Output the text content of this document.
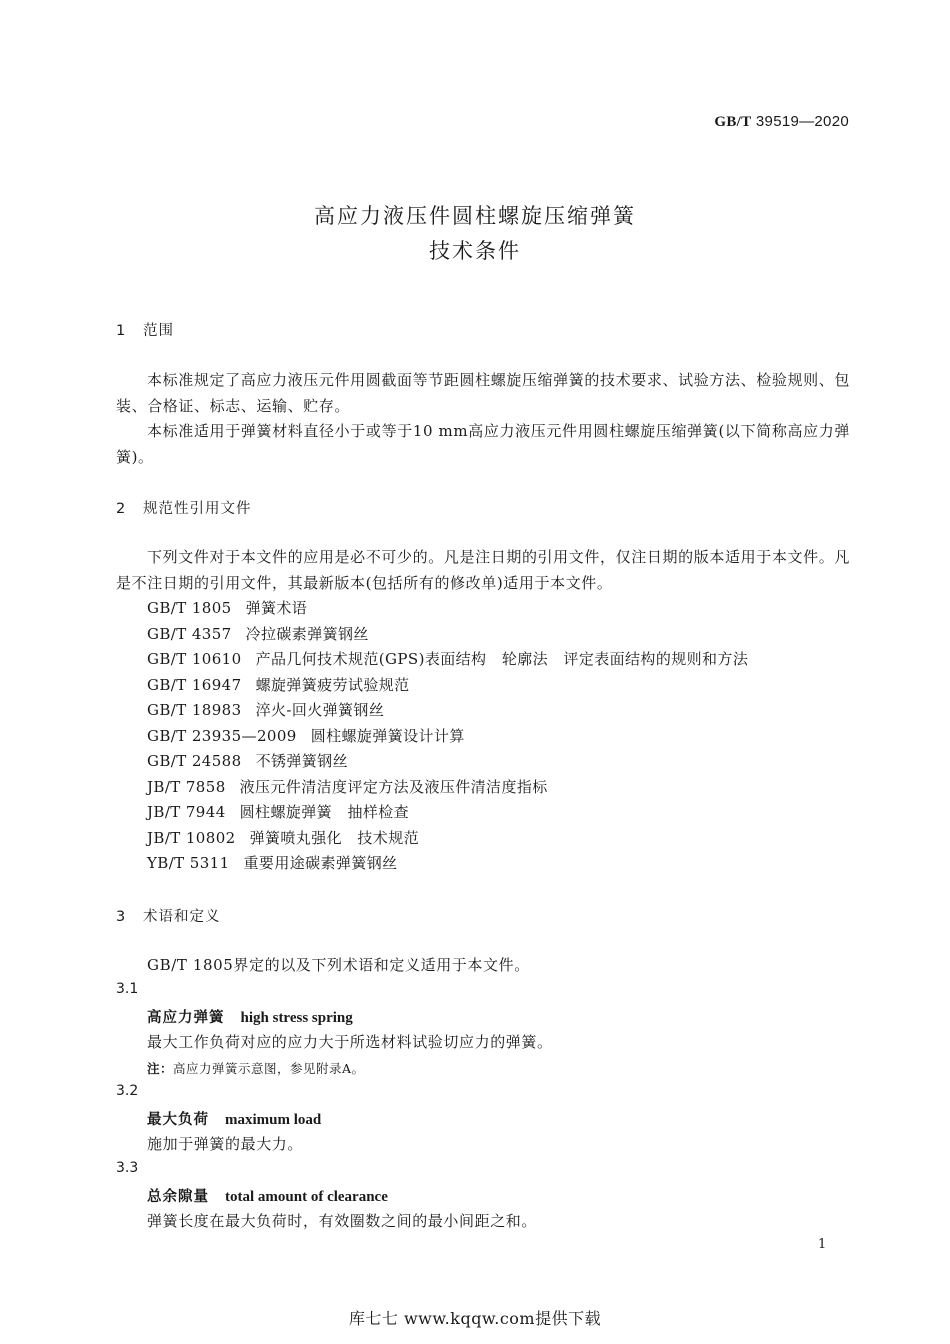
GB/T 39519—2020
高应力液压件圆柱螺旋压缩弹簧
技术条件
1 范围
本标准规定了高应力液压元件用圆截面等节距圆柱螺旋压缩弹簧的技术要求、试验方法、检验规则、包装、合格证、标志、运输、贮存。
本标准适用于弹簧材料直径小于或等于10 mm高应力液压元件用圆柱螺旋压缩弹簧(以下简称高应力弹簧)。
2 规范性引用文件
下列文件对于本文件的应用是必不可少的。凡是注日期的引用文件，仅注日期的版本适用于本文件。凡是不注日期的引用文件，其最新版本(包括所有的修改单)适用于本文件。
GB/T 1805 弹簧术语
GB/T 4357 冷拉碳素弹簧钢丝
GB/T 10610 产品几何技术规范(GPS)表面结构　轮廓法　评定表面结构的规则和方法
GB/T 16947 螺旋弹簧疲劳试验规范
GB/T 18983 淬火-回火弹簧钢丝
GB/T 23935—2009 圆柱螺旋弹簧设计计算
GB/T 24588 不锈弹簧钢丝
JB/T 7858 液压元件清洁度评定方法及液压件清洁度指标
JB/T 7944 圆柱螺旋弹簧　抽样检查
JB/T 10802 弹簧喷丸强化　技术规范
YB/T 5311 重要用途碳素弹簧钢丝
3 术语和定义
GB/T 1805界定的以及下列术语和定义适用于本文件。
3.1
高应力弹簧 high stress spring
最大工作负荷对应的应力大于所选材料试验切应力的弹簧。
注：高应力弹簧示意图，参见附录A。
3.2
最大负荷 maximum load
施加于弹簧的最大力。
3.3
总余隙量 total amount of clearance
弹簧长度在最大负荷时，有效圈数之间的最小间距之和。
1
库七七 www.kqqw.com提供下载
